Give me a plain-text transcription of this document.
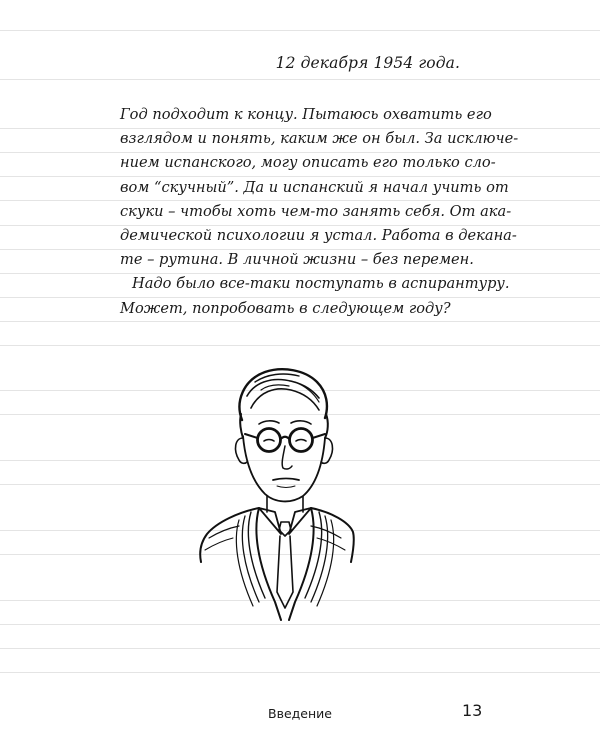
12 декабря 1954 года.
Год подходит к концу. Пытаюсь охватить его
взглядом и понять, каким же он был. За исключе-
нием испанского, могу описать его только сло-
вом “скучный”. Да и испанский я начал учить от
скуки – чтобы хоть чем-то занять себя. От ака-
демической психологии я устал. Работа в декана-
те – рутина. В личной жизни – без перемен.
Надо было все-таки поступать в аспирантуру.
Может, попробовать в следующем году?
Введение	13
